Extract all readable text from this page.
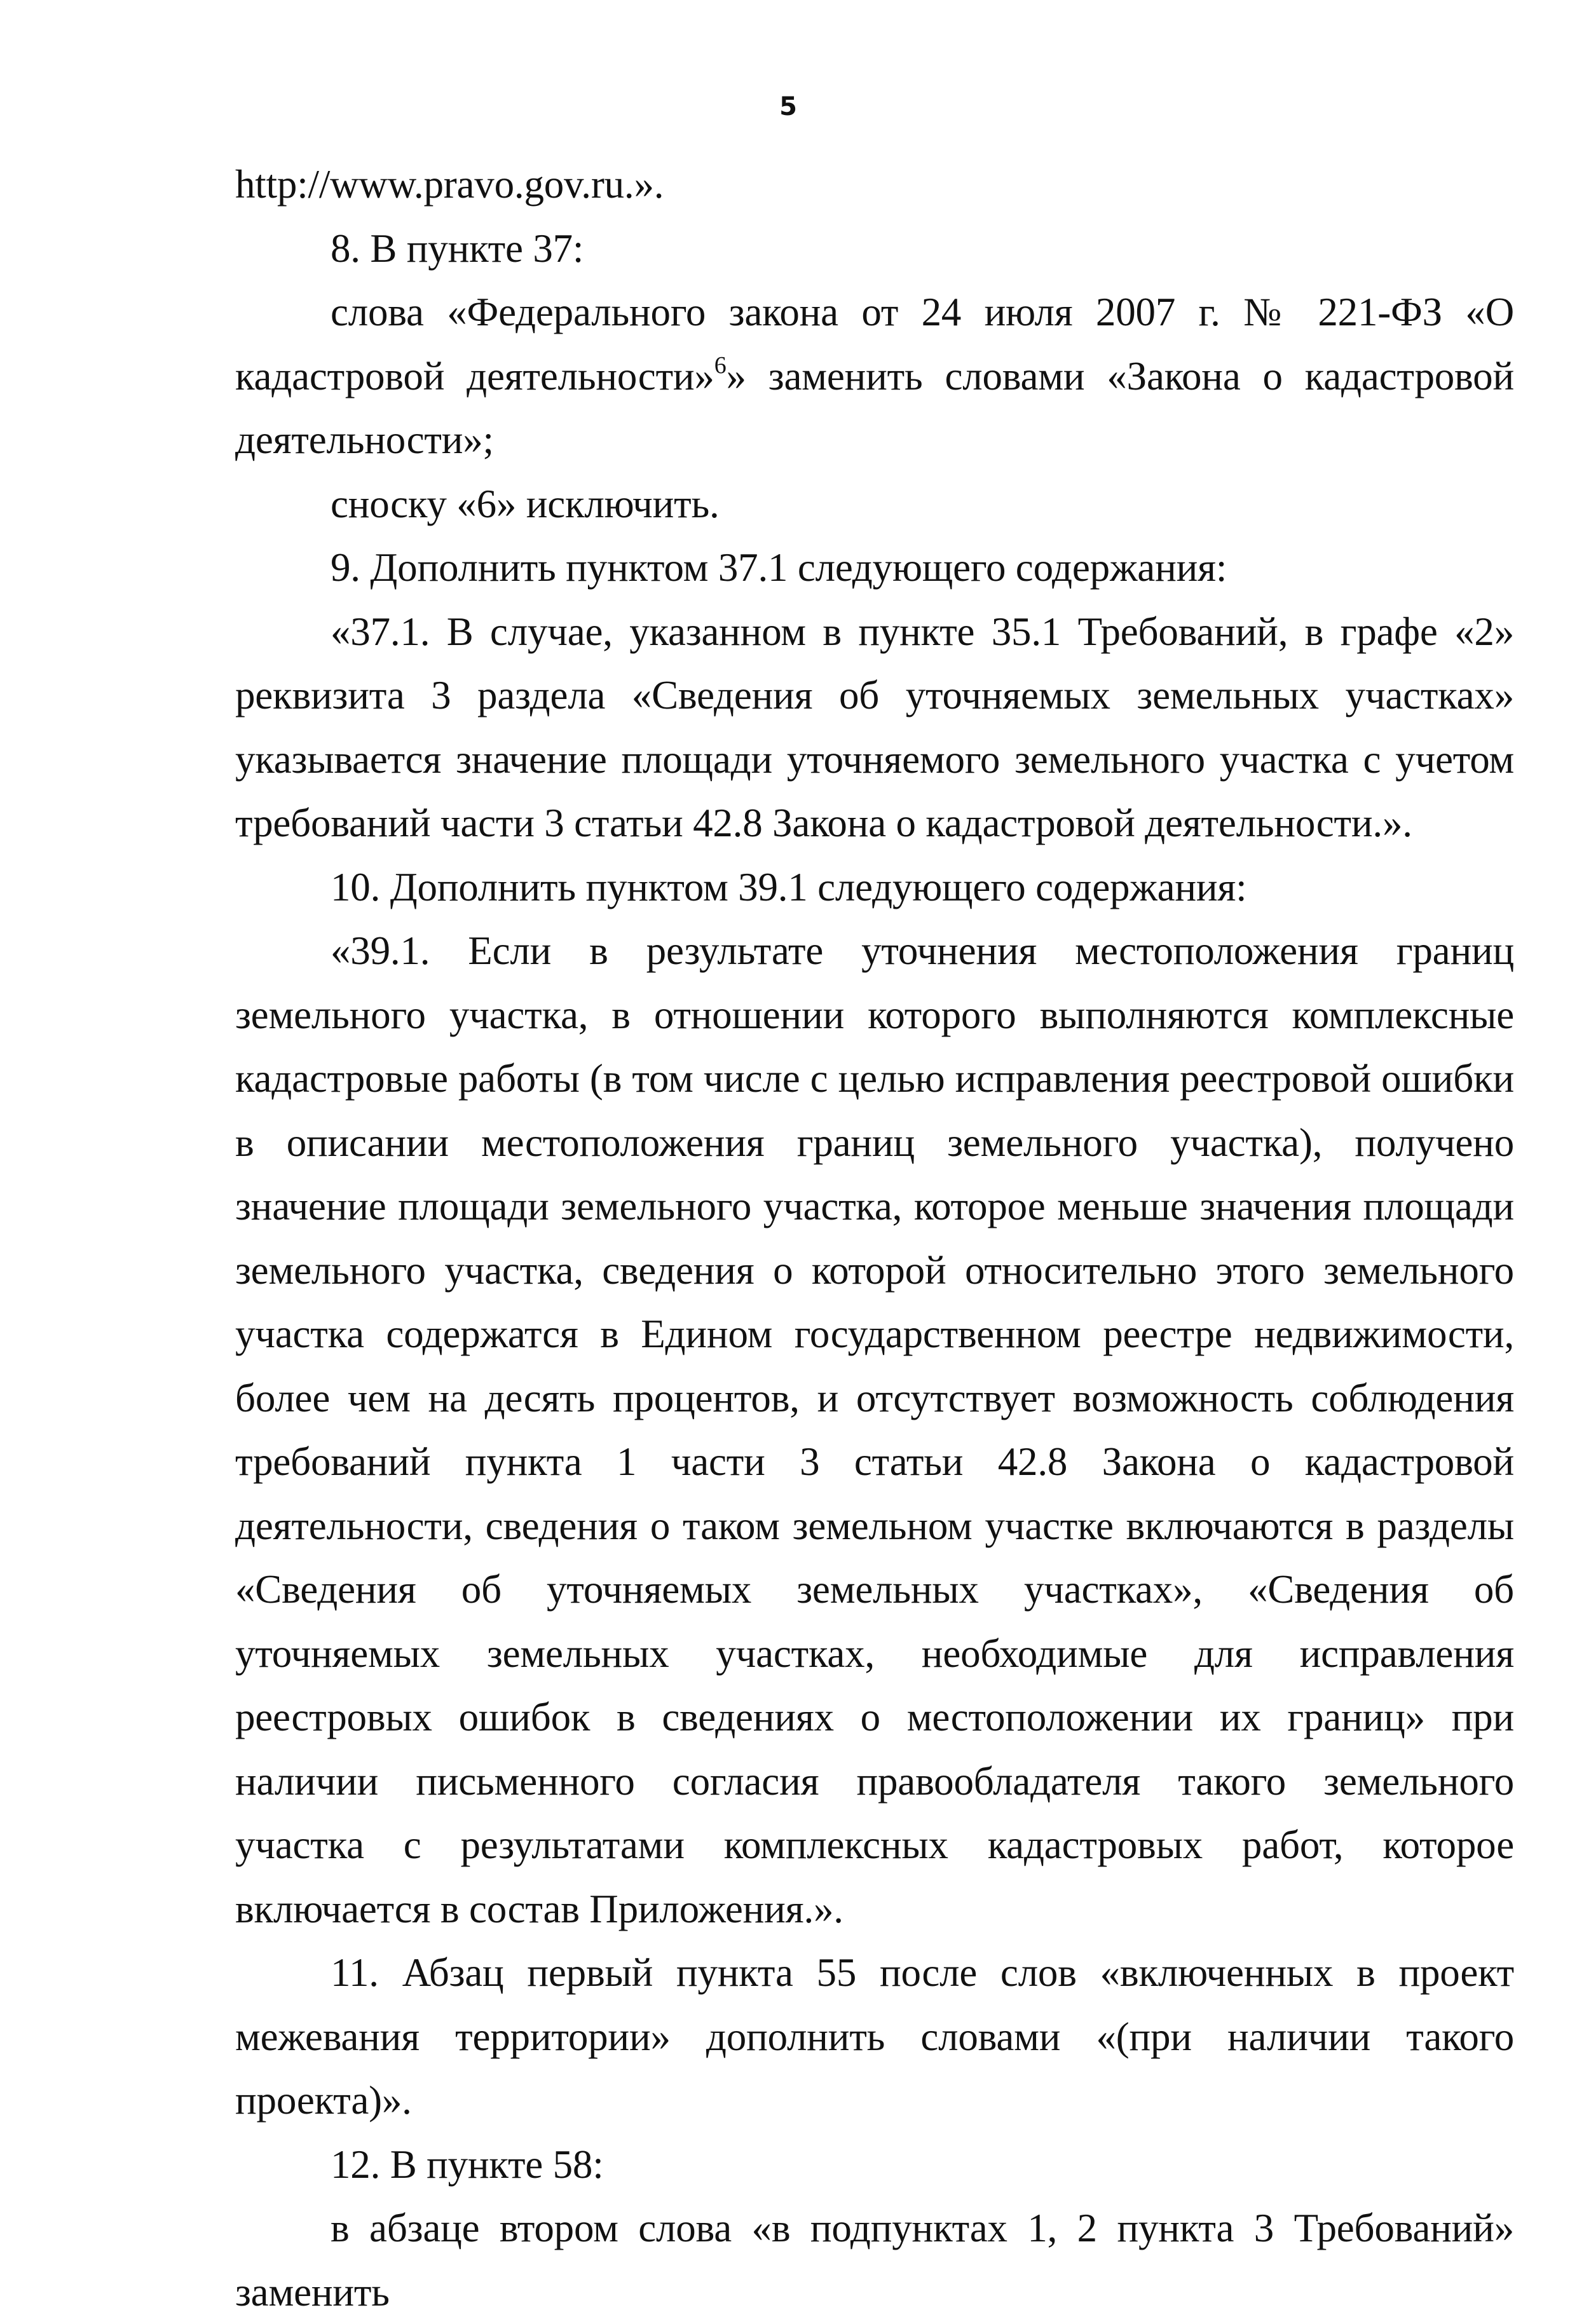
5

http://www.pravo.gov.ru.».

8. В пункте 37:

слова «Федерального закона от 24 июля 2007 г. № 221-ФЗ «О кадастровой деятельности»$^6$» заменить словами «Закона о кадастровой деятельности»;

сноску «6» исключить.

9. Дополнить пунктом 37.1 следующего содержания:

«37.1. В случае, указанном в пункте 35.1 Требований, в графе «2» реквизита 3 раздела «Сведения об уточняемых земельных участках» указывается значение площади уточняемого земельного участка с учетом требований части 3 статьи 42.8 Закона о кадастровой деятельности.».

10. Дополнить пунктом 39.1 следующего содержания:

«39.1. Если в результате уточнения местоположения границ земельного участка, в отношении которого выполняются комплексные кадастровые работы (в том числе с целью исправления реестровой ошибки в описании местоположения границ земельного участка), получено значение площади земельного участка, которое меньше значения площади земельного участка, сведения о которой относительно этого земельного участка содержатся в Едином государственном реестре недвижимости, более чем на десять процентов, и отсутствует возможность соблюдения требований пункта 1 части 3 статьи 42.8 Закона о кадастровой деятельности, сведения о таком земельном участке включаются в разделы «Сведения об уточняемых земельных участках», «Сведения об уточняемых земельных участках, необходимые для исправления реестровых ошибок в сведениях о местоположении их границ» при наличии письменного согласия правообладателя такого земельного участка с результатами комплексных кадастровых работ, которое включается в состав Приложения.».

11. Абзац первый пункта 55 после слов «включенных в проект межевания территории» дополнить словами «(при наличии такого проекта)».

12. В пункте 58:

в абзаце втором слова «в подпунктах 1, 2 пункта 3 Требований» заменить
